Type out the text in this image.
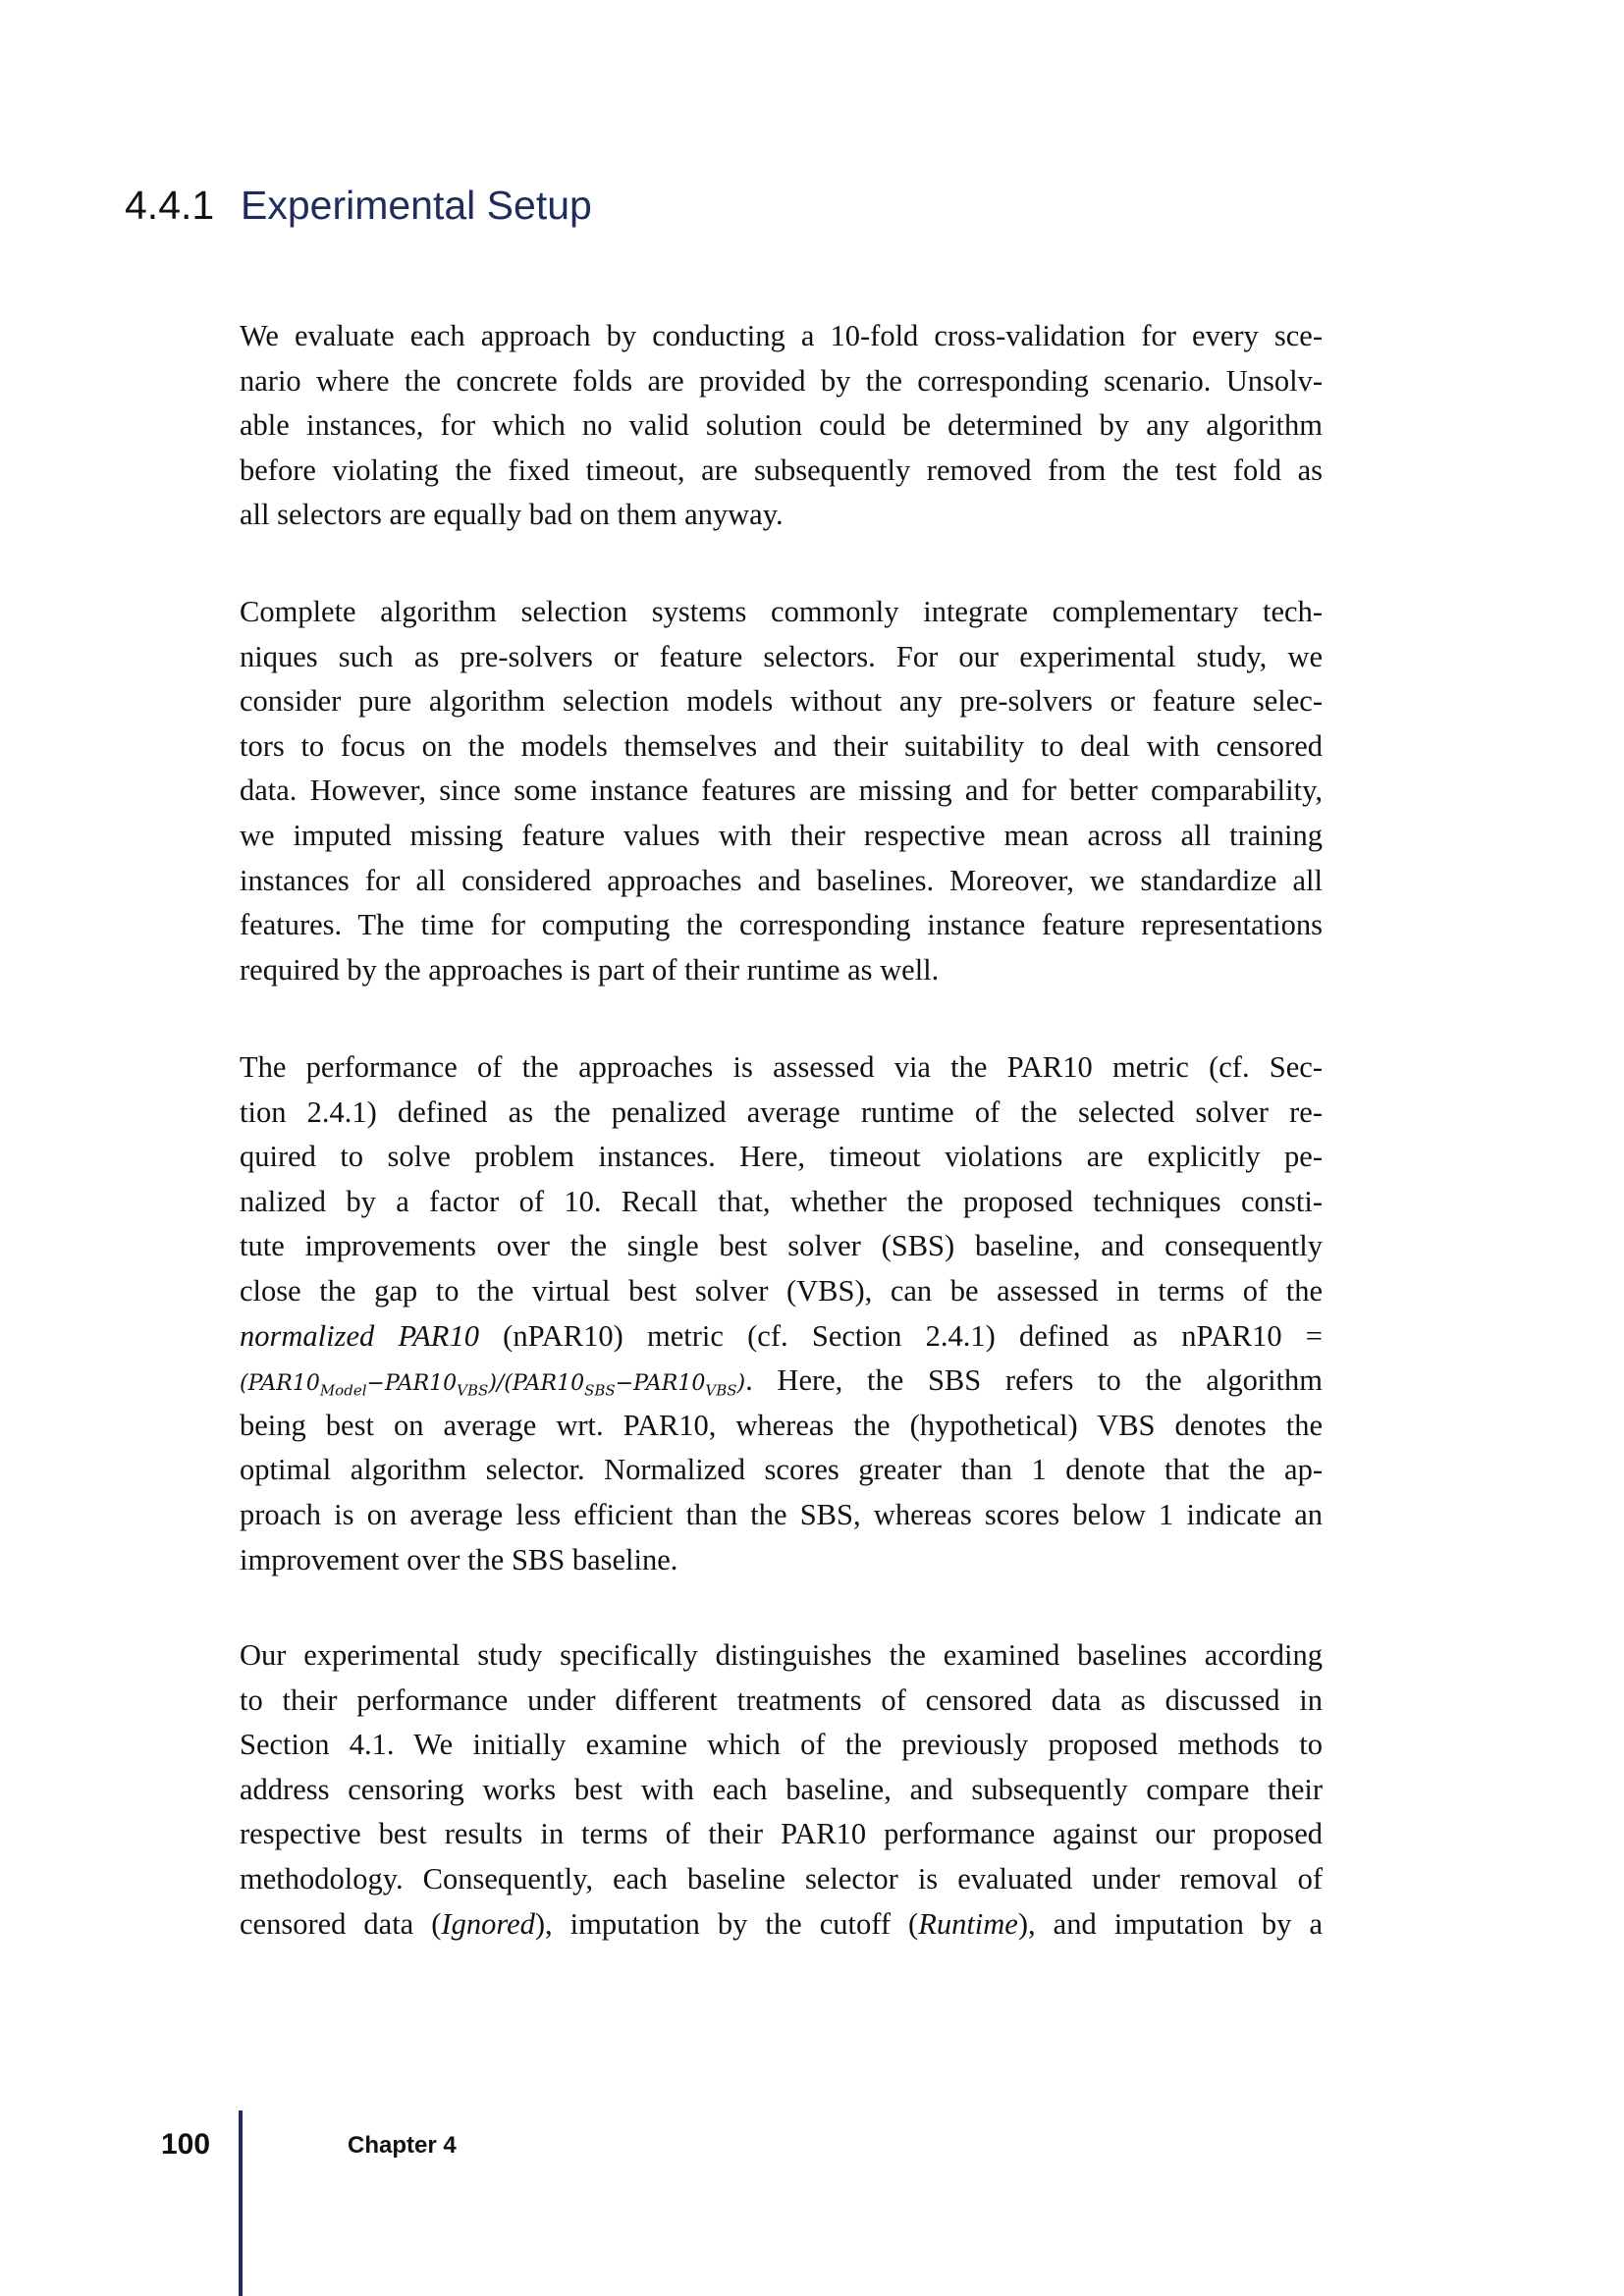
4.4.1 Experimental Setup
We evaluate each approach by conducting a 10-fold cross-validation for every sce-
nario where the concrete folds are provided by the corresponding scenario. Unsolv-
able instances, for which no valid solution could be determined by any algorithm
before violating the fixed timeout, are subsequently removed from the test fold as
all selectors are equally bad on them anyway.
Complete algorithm selection systems commonly integrate complementary tech-
niques such as pre-solvers or feature selectors. For our experimental study, we
consider pure algorithm selection models without any pre-solvers or feature selec-
tors to focus on the models themselves and their suitability to deal with censored
data. However, since some instance features are missing and for better comparability,
we imputed missing feature values with their respective mean across all training
instances for all considered approaches and baselines. Moreover, we standardize all
features. The time for computing the corresponding instance feature representations
required by the approaches is part of their runtime as well.
The performance of the approaches is assessed via the PAR10 metric (cf. Sec-
tion 2.4.1) defined as the penalized average runtime of the selected solver re-
quired to solve problem instances. Here, timeout violations are explicitly pe-
nalized by a factor of 10. Recall that, whether the proposed techniques consti-
tute improvements over the single best solver (SBS) baseline, and consequently
close the gap to the virtual best solver (VBS), can be assessed in terms of the
normalized PAR10 (nPAR10) metric (cf. Section 2.4.1) defined as nPAR10 =
$(PAR10_{Model}-PAR10_{VBS})/(PAR10_{SBS}-PAR10_{VBS})$. Here, the SBS refers to the algorithm
being best on average wrt. PAR10, whereas the (hypothetical) VBS denotes the
optimal algorithm selector. Normalized scores greater than 1 denote that the ap-
proach is on average less efficient than the SBS, whereas scores below 1 indicate an
improvement over the SBS baseline.
Our experimental study specifically distinguishes the examined baselines according
to their performance under different treatments of censored data as discussed in
Section 4.1. We initially examine which of the previously proposed methods to
address censoring works best with each baseline, and subsequently compare their
respective best results in terms of their PAR10 performance against our proposed
methodology. Consequently, each baseline selector is evaluated under removal of
censored data (Ignored), imputation by the cutoff (Runtime), and imputation by a
100	Chapter 4
